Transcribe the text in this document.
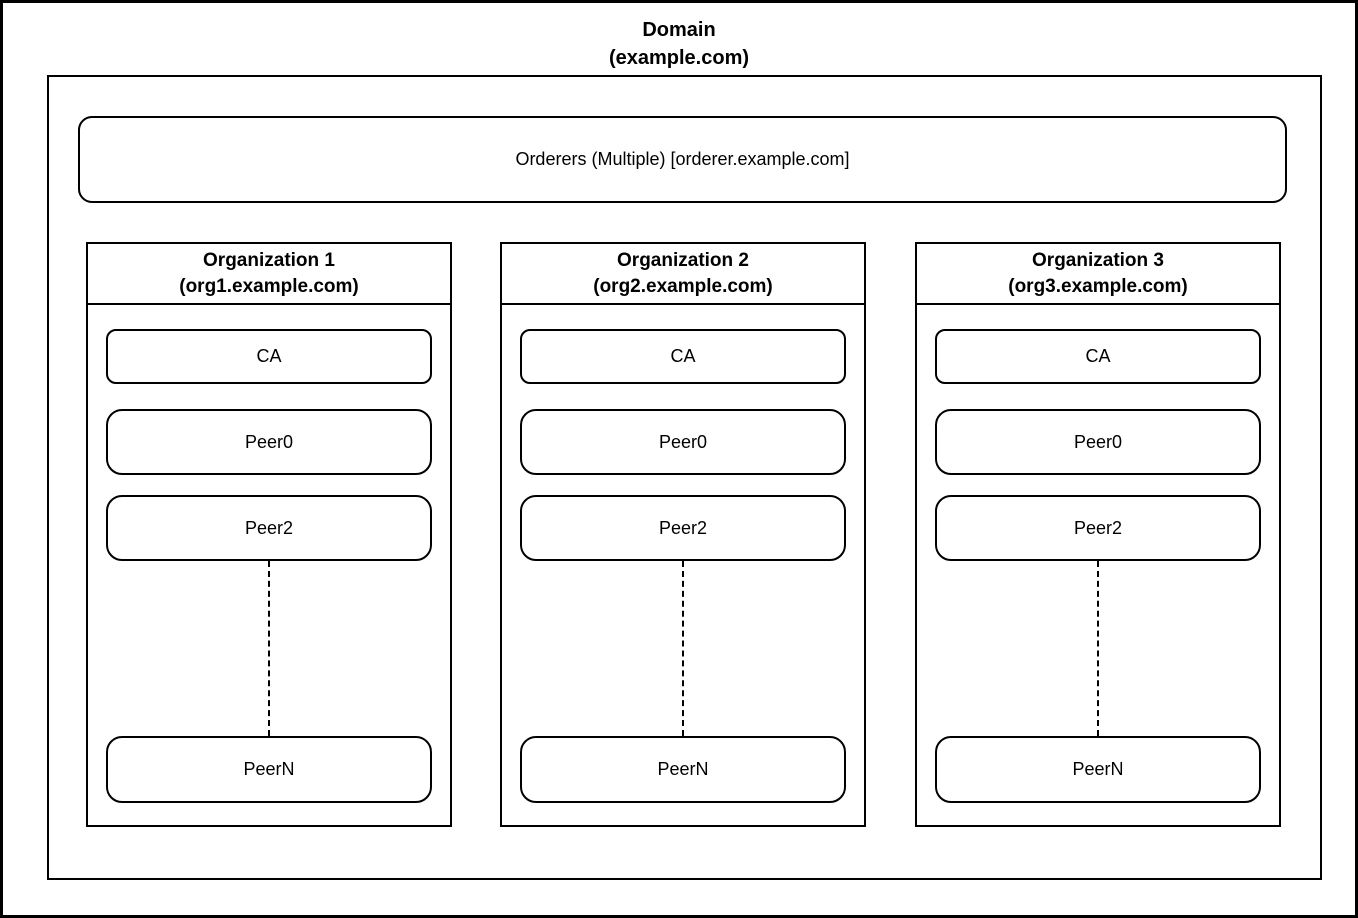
Domain
(example.com)
Orderers (Multiple) [orderer.example.com]
Organization 1
(org1.example.com)
CA
Peer0
Peer2
PeerN
Organization 2
(org2.example.com)
CA
Peer0
Peer2
PeerN
Organization 3
(org3.example.com)
CA
Peer0
Peer2
PeerN
